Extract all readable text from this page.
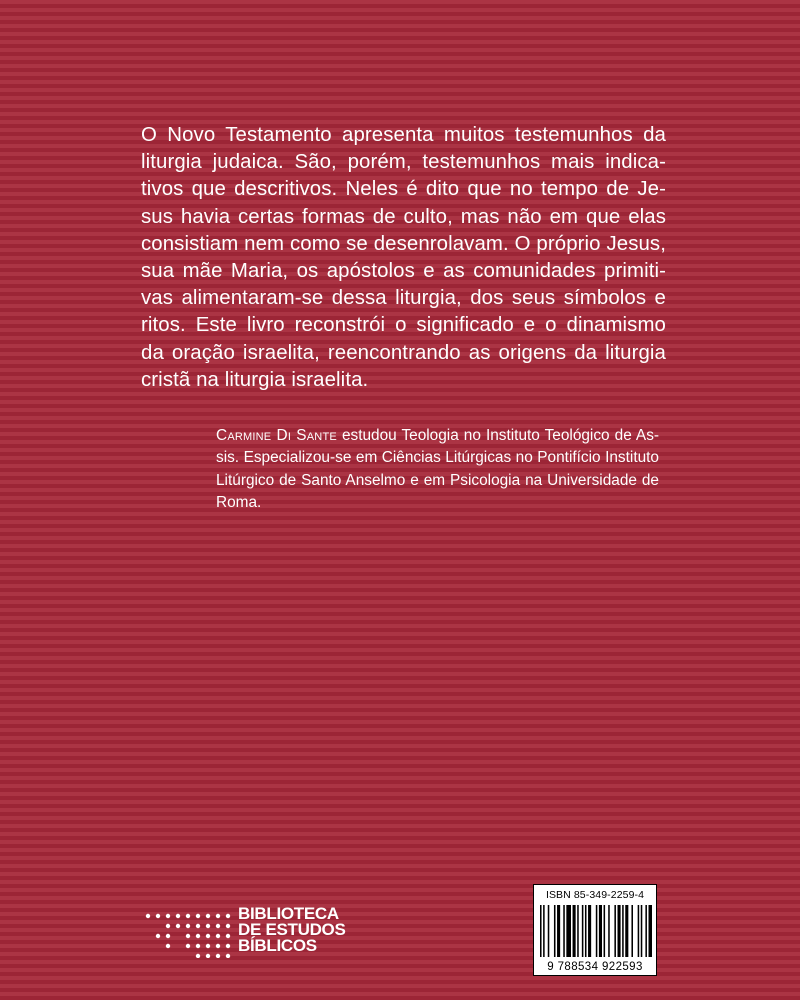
O Novo Testamento apresenta muitos testemunhos da
liturgia judaica. São, porém, testemunhos mais indica-
tivos que descritivos. Neles é dito que no tempo de Je-
sus havia certas formas de culto, mas não em que elas
consistiam nem como se desenrolavam. O próprio Jesus,
sua mãe Maria, os apóstolos e as comunidades primiti-
vas alimentaram-se dessa liturgia, dos seus símbolos e
ritos. Este livro reconstrói o significado e o dinamismo
da oração israelita, reencontrando as origens da liturgia
cristã na liturgia israelita.
Carmine Di Sante estudou Teologia no Instituto Teológico de As-
sis. Especializou-se em Ciências Litúrgicas no Pontifício Instituto
Litúrgico de Santo Anselmo e em Psicologia na Universidade de
Roma.
BIBLIOTECA
DE ESTUDOS
BÍBLICOS
ISBN 85-349-2259-4
9 788534 922593
